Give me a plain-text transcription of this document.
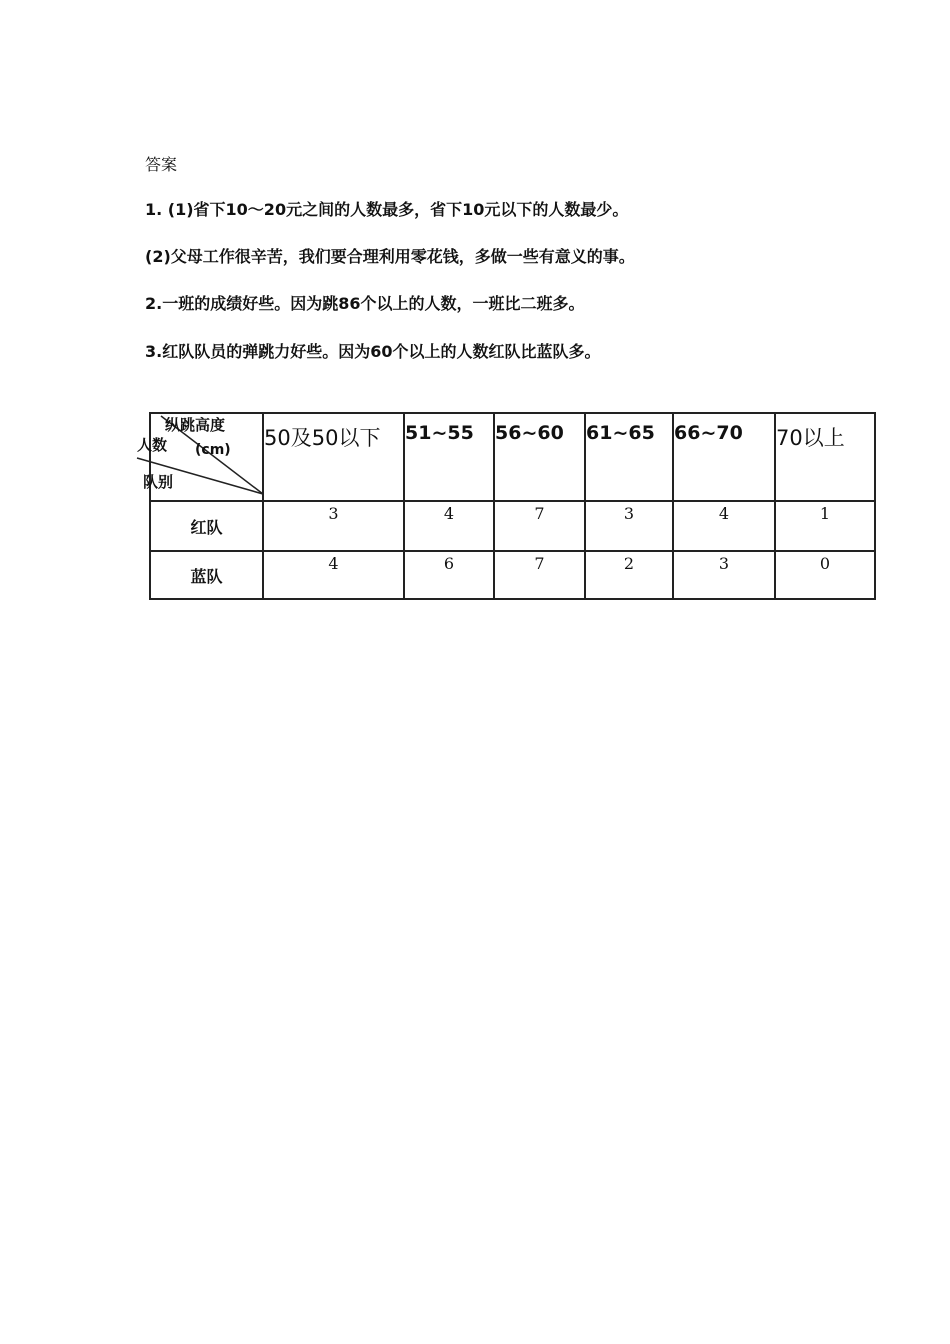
答案
1. (1)省下10～20元之间的人数最多，省下10元以下的人数最少。
(2)父母工作很辛苦，我们要合理利用零花钱，多做一些有意义的事。
2.一班的成绩好些。因为跳86个以上的人数，一班比二班多。
3.红队队员的弹跳力好些。因为60个以上的人数红队比蓝队多。
纵跳高度
(cm)
人数
队别	50及50以下	51~55	56~60	61~65	66~70	70以上
红队	3	4	7	3	4	1
蓝队	4	6	7	2	3	0
